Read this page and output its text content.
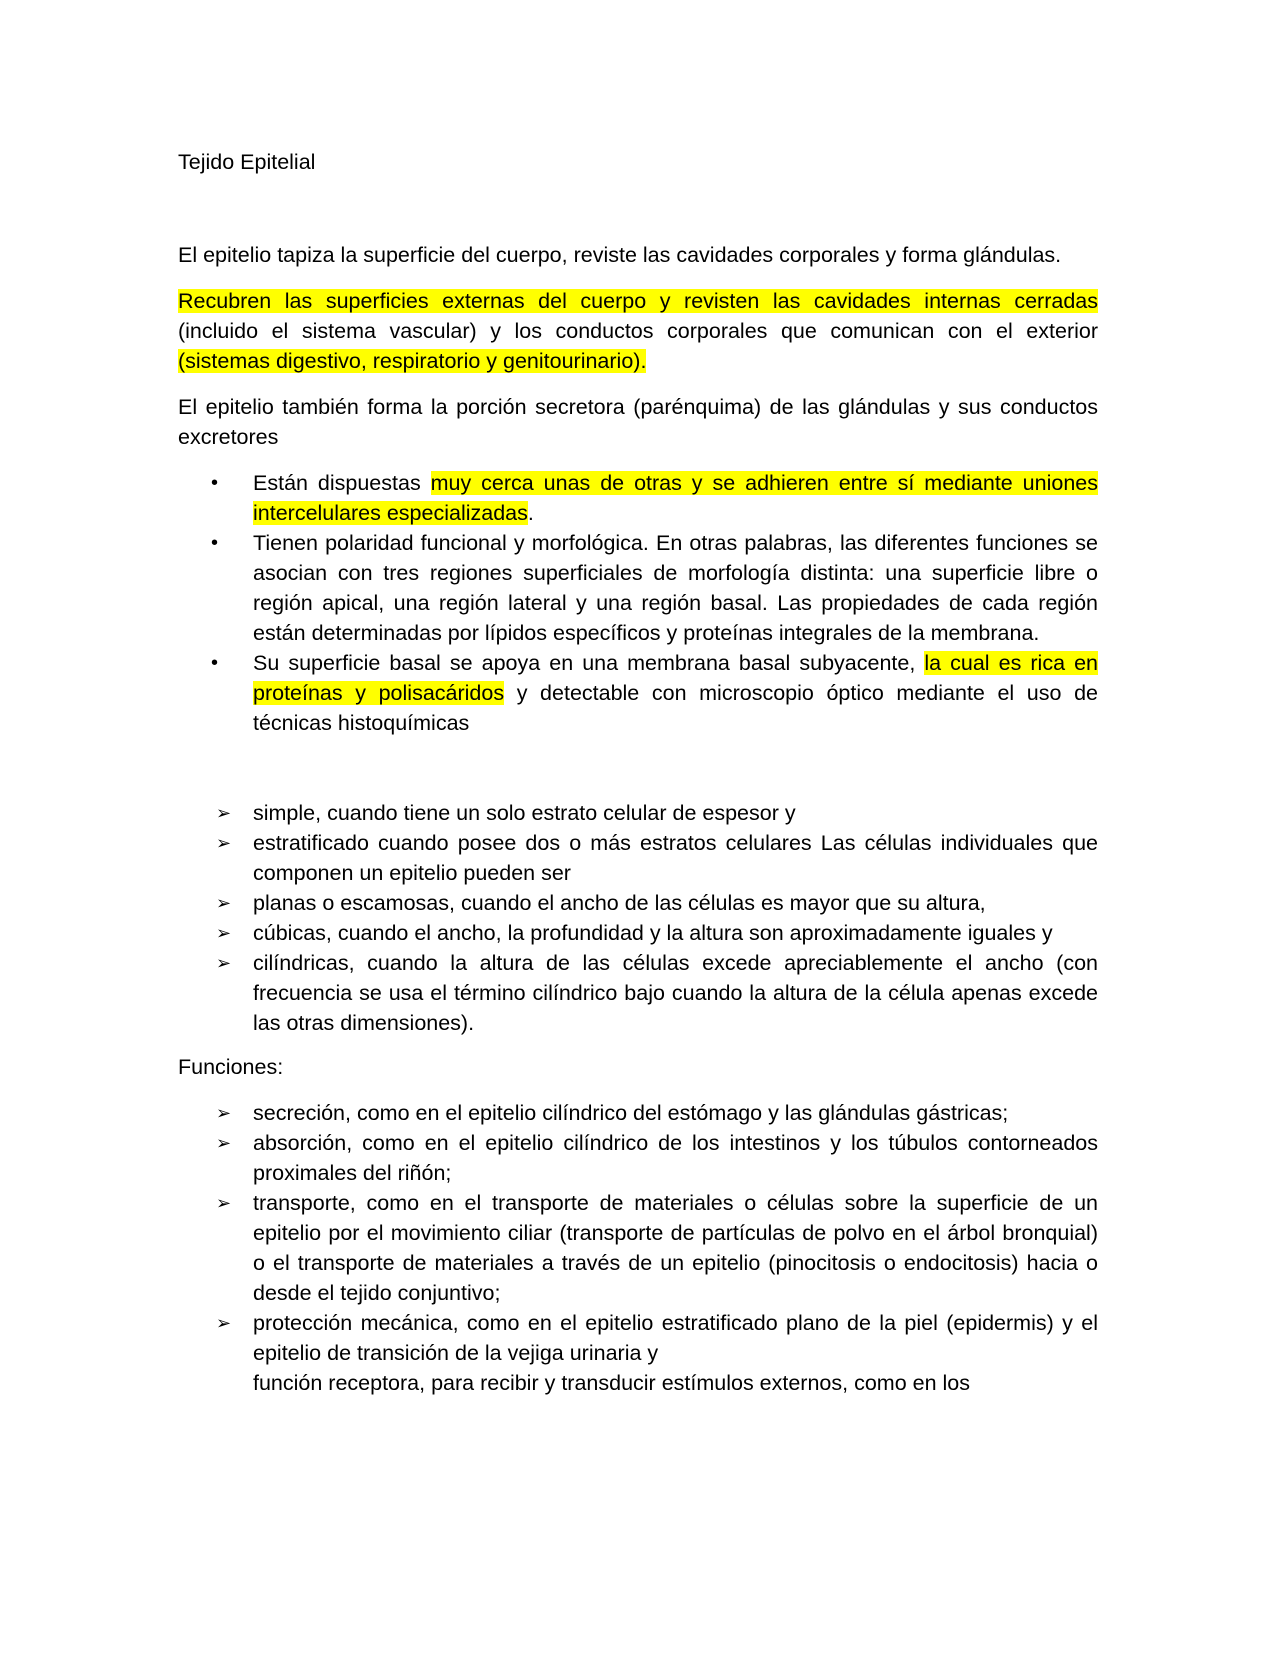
Tejido Epitelial

El epitelio tapiza la superficie del cuerpo, reviste las cavidades corporales y forma glándulas.

Recubren las superficies externas del cuerpo y revisten las cavidades internas cerradas (incluido el sistema vascular) y los conductos corporales que comunican con el exterior (sistemas digestivo, respiratorio y genitourinario).

El epitelio también forma la porción secretora (parénquima) de las glándulas y sus conductos excretores

• Están dispuestas muy cerca unas de otras y se adhieren entre sí mediante uniones intercelulares especializadas.
• Tienen polaridad funcional y morfológica. En otras palabras, las diferentes funciones se asocian con tres regiones superficiales de morfología distinta: una superficie libre o región apical, una región lateral y una región basal. Las propiedades de cada región están determinadas por lípidos específicos y proteínas integrales de la membrana.
• Su superficie basal se apoya en una membrana basal subyacente, la cual es rica en proteínas y polisacáridos y detectable con microscopio óptico mediante el uso de técnicas histoquímicas
➢ simple, cuando tiene un solo estrato celular de espesor y
➢ estratificado cuando posee dos o más estratos celulares Las células individuales que componen un epitelio pueden ser
➢ planas o escamosas, cuando el ancho de las células es mayor que su altura,
➢ cúbicas, cuando el ancho, la profundidad y la altura son aproximadamente iguales y
➢ cilíndricas, cuando la altura de las células excede apreciablemente el ancho (con frecuencia se usa el término cilíndrico bajo cuando la altura de la célula apenas excede las otras dimensiones).

Funciones:

➢ secreción, como en el epitelio cilíndrico del estómago y las glándulas gástricas;
➢ absorción, como en el epitelio cilíndrico de los intestinos y los túbulos contorneados proximales del riñón;
➢ transporte, como en el transporte de materiales o células sobre la superficie de un epitelio por el movimiento ciliar (transporte de partículas de polvo en el árbol bronquial) o el transporte de materiales a través de un epitelio (pinocitosis o endocitosis) hacia o desde el tejido conjuntivo;
➢ protección mecánica, como en el epitelio estratificado plano de la piel (epidermis) y el epitelio de transición de la vejiga urinaria y
función receptora, para recibir y transducir estímulos externos, como en los
